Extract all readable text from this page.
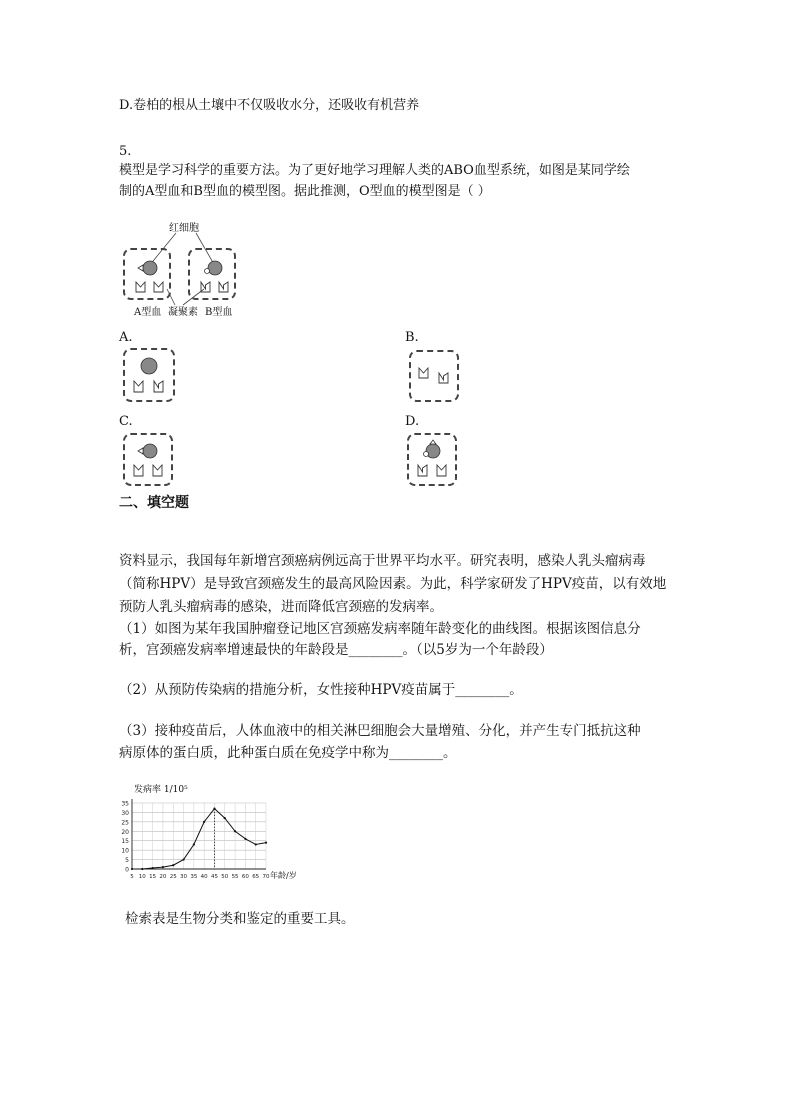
D.卷柏的根从土壤中不仅吸收水分，还吸收有机营养
5.
模型是学习科学的重要方法。为了更好地学习理解人类的ABO血型系统，如图是某同学绘
制的A型血和B型血的模型图。据此推测，O型血的模型图是（ ）
红细胞
A型血 凝聚素 B型血
A.	B.
C.	D.
二、填空题
资料显示，我国每年新增宫颈癌病例远高于世界平均水平。研究表明，感染人乳头瘤病毒
（简称HPV）是导致宫颈癌发生的最高风险因素。为此，科学家研发了HPV疫苗，以有效地
预防人乳头瘤病毒的感染，进而降低宫颈癌的发病率。
（1）如图为某年我国肿瘤登记地区宫颈癌发病率随年龄变化的曲线图。根据该图信息分
析，宫颈癌发病率增速最快的年龄段是________。（以5岁为一个年龄段）
（2）从预防传染病的措施分析，女性接种HPV疫苗属于________。
（3）接种疫苗后，人体血液中的相关淋巴细胞会大量增殖、分化，并产生专门抵抗这种
病原体的蛋白质，此种蛋白质在免疫学中称为________。
发病率 1/10⁵
年龄/岁
0
5
10
15
20
25
30
35
5 10 15 20 25 30 35 40 45 50 55 60 65 70
检索表是生物分类和鉴定的重要工具。
